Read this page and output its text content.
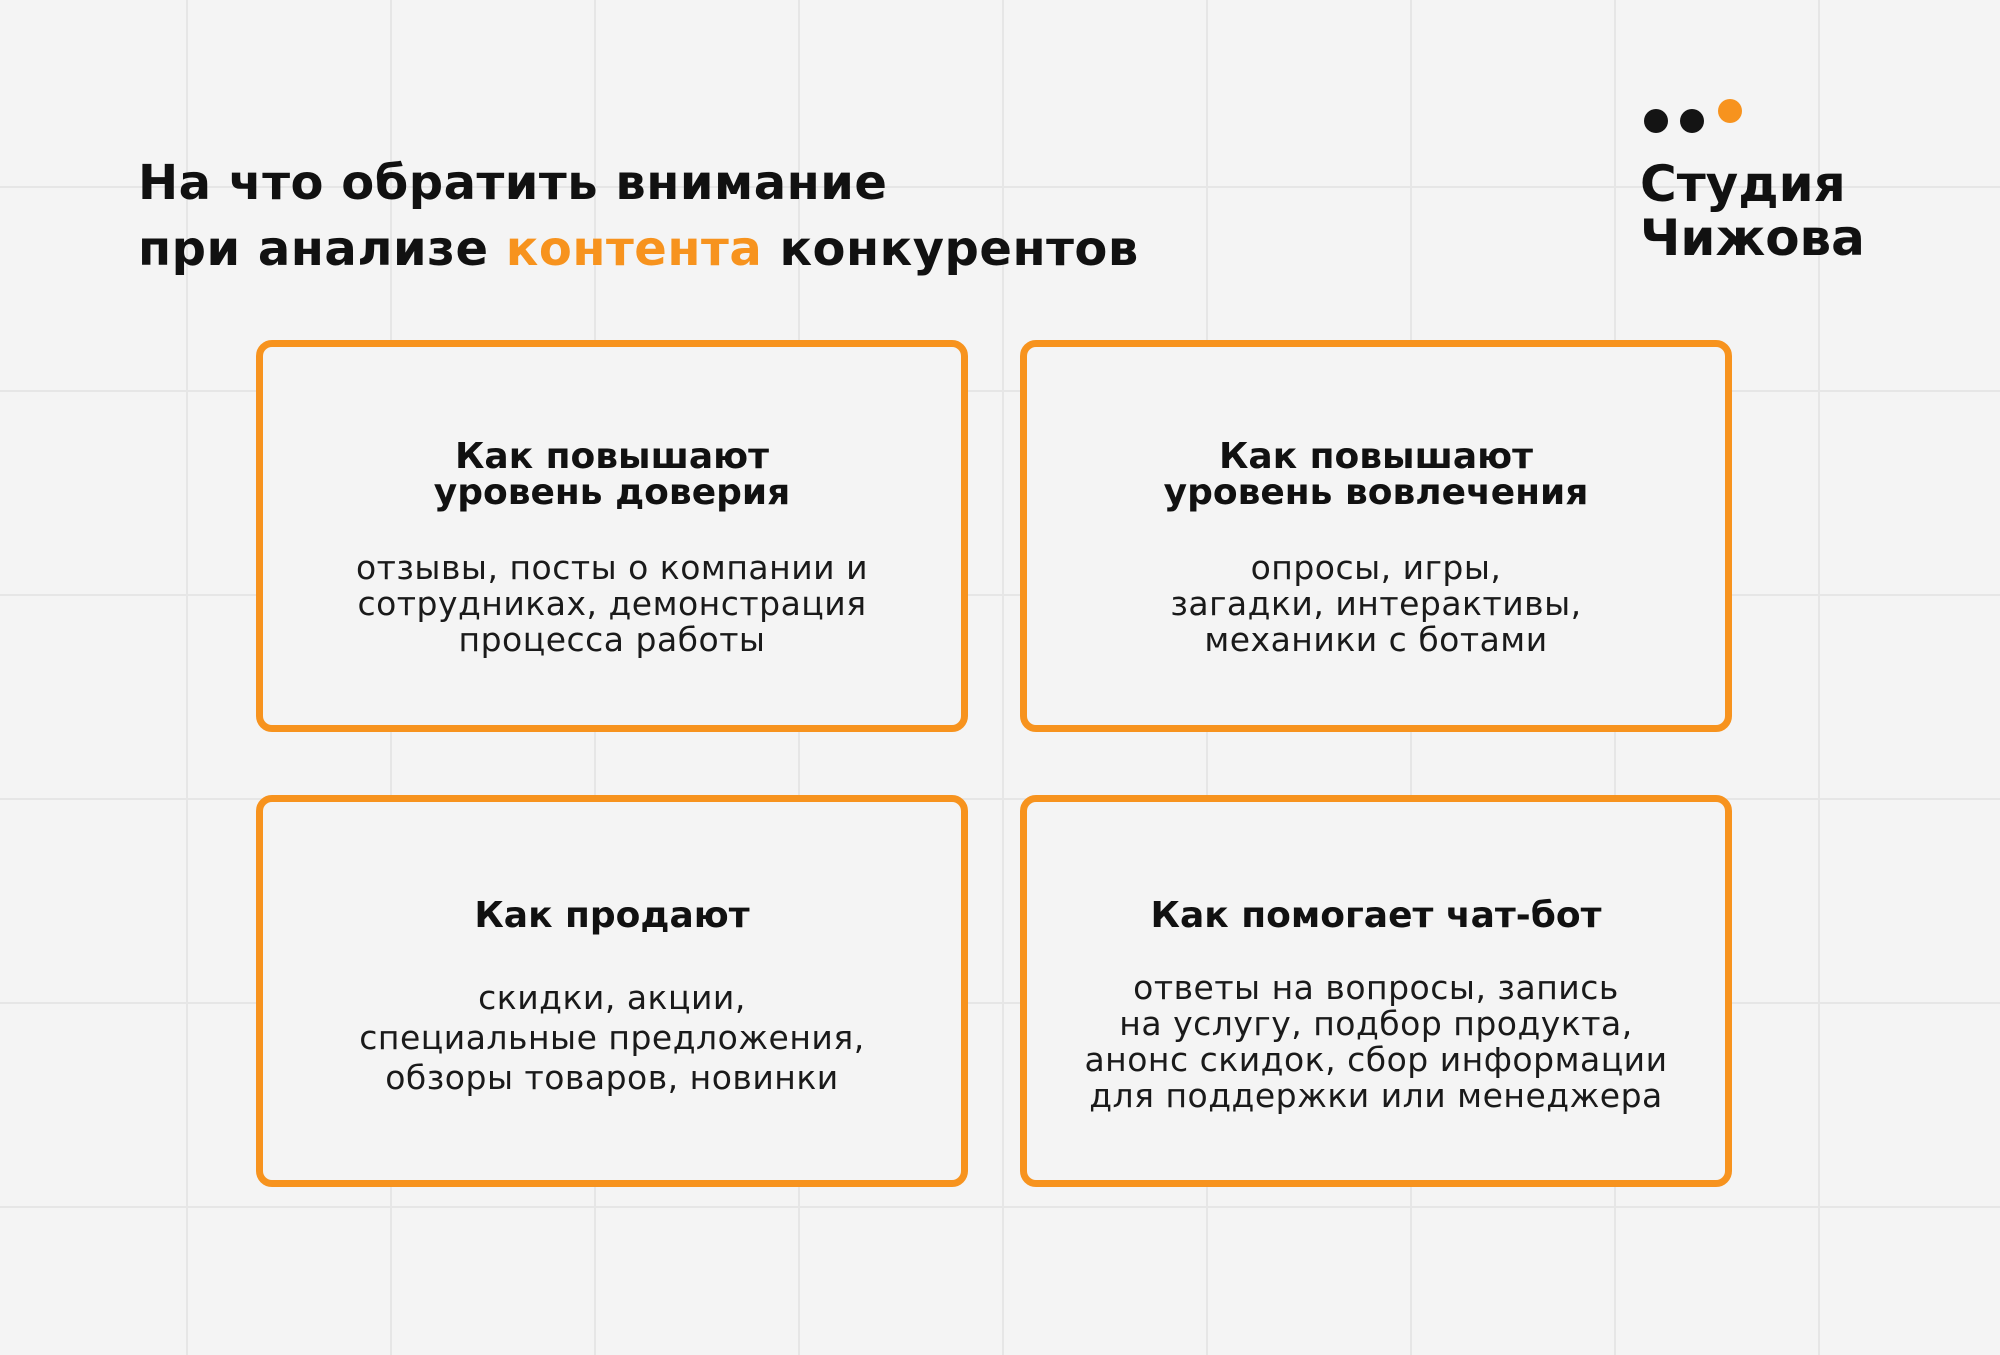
На что обратить внимание
при анализе контента конкурентов
Студия
Чижова

Как повышают
уровень доверия

отзывы, посты о компании и
сотрудниках, демонстрация
процесса работы

Как повышают
уровень вовлечения

опросы, игры,
загадки, интерактивы,
механики с ботами

Как продают

скидки, акции,
специальные предложения,
обзоры товаров, новинки

Как помогает чат-бот

ответы на вопросы, запись
на услугу, подбор продукта,
анонс скидок, сбор информации
для поддержки или менеджера
